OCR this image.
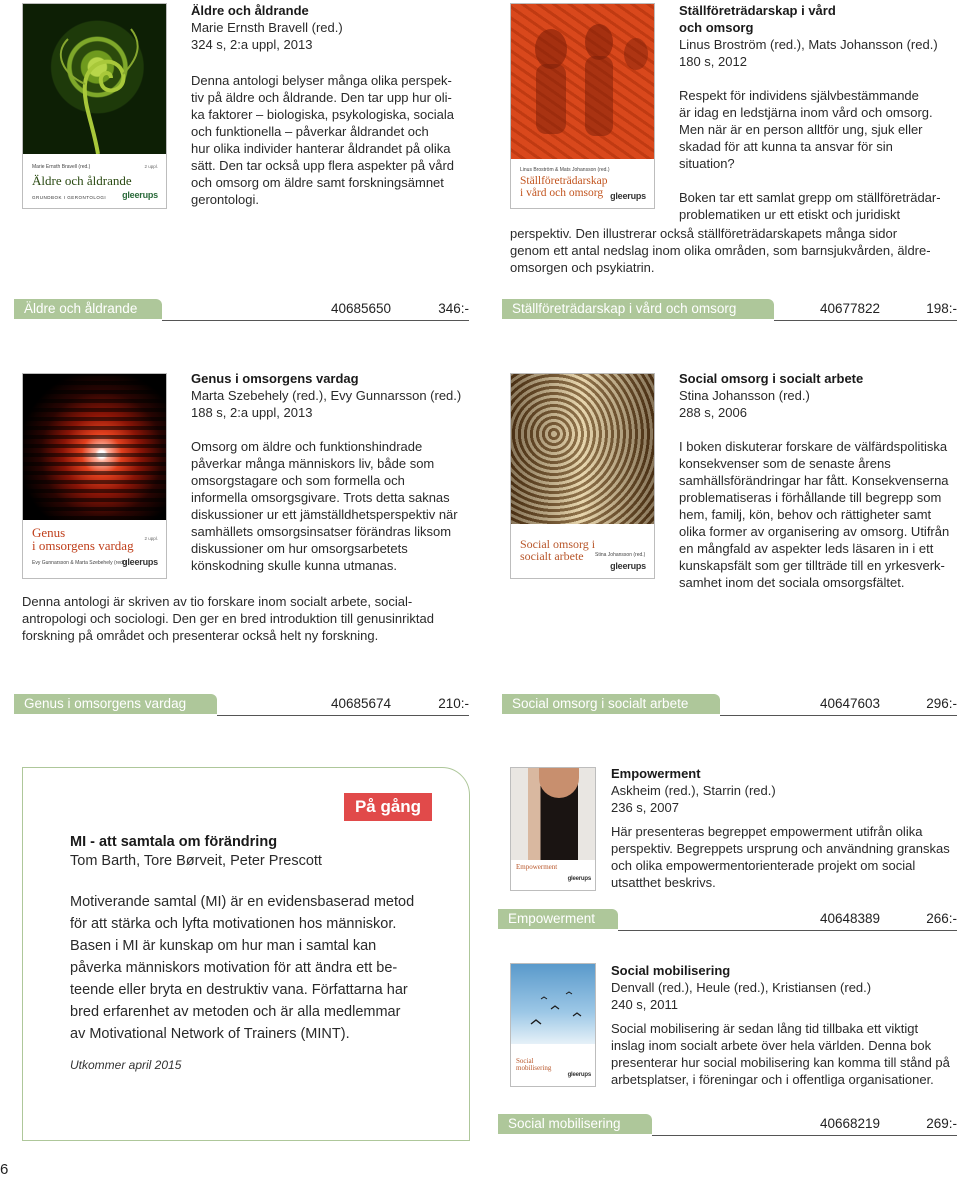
Marie Ernsth Bravell (red.)	2 uppl.
Äldre och åldrande
GRUNDBOK I GERONTOLOGI gleerups
Äldre och åldrande
Marie Ernsth Bravell (red.)
324 s, 2:a uppl, 2013
Denna antologi belyser många olika perspek-
tiv på äldre och åldrande. Den tar upp hur oli-
ka faktorer – biologiska, psykologiska, sociala
och funktionella – påverkar åldrandet och
hur olika individer hanterar åldrandet på olika
sätt. Den tar också upp flera aspekter på vård
och omsorg om äldre samt forskningsämnet
gerontologi.
Äldre och åldrande	40685650	346:-
Linus Broström & Mats Johansson (red.)
Ställföreträdarskap
i vård och omsorg gleerups
Ställföreträdarskap i vård
och omsorg
Linus Broström (red.), Mats Johansson (red.)
180 s, 2012
Respekt för individens självbestämmande
är idag en ledstjärna inom vård och omsorg.
Men när är en person alltför ung, sjuk eller
skadad för att kunna ta ansvar för sin
situation?
Boken tar ett samlat grepp om ställföreträdar-
problematiken ur ett etiskt och juridiskt
perspektiv. Den illustrerar också ställföreträdarskapets många sidor
genom ett antal nedslag inom olika områden, som barnsjukvården, äldre-
omsorgen och psykiatrin.
Ställföreträdarskap i vård och omsorg	40677822	198:-
Genus
i omsorgens vardag 2 uppl.
Evy Gunnarsson & Marta Szebehely (red.)
gleerups
Genus i omsorgens vardag
Marta Szebehely (red.), Evy Gunnarsson (red.)
188 s, 2:a uppl, 2013
Omsorg om äldre och funktionshindrade
påverkar många människors liv, både som
omsorgstagare och som formella och
informella omsorgsgivare. Trots detta saknas
diskussioner ur ett jämställdhetsperspektiv när
samhällets omsorgsinsatser förändras liksom
diskussioner om hur omsorgsarbetets
könskodning skulle kunna utmanas.
Denna antologi är skriven av tio forskare inom socialt arbete, social-
antropologi och sociologi. Den ger en bred introduktion till genusinriktad
forskning på området och presenterar också helt ny forskning.
Genus i omsorgens vardag	40685674	210:-
Social omsorg i
socialt arbete	Stina Johansson (red.)
gleerups
Social omsorg i socialt arbete
Stina Johansson (red.)
288 s, 2006
I boken diskuterar forskare de välfärdspolitiska
konsekvenser som de senaste årens
samhällsförändringar har fått. Konsekvenserna
problematiseras i förhållande till begrepp som
hem, familj, kön, behov och rättigheter samt
olika former av organisering av omsorg. Utifrån
en mångfald av aspekter leds läsaren in i ett
kunskapsfält som ger tillträde till en yrkesverk-
samhet inom det sociala omsorgsfältet.
Social omsorg i socialt arbete	40647603	296:-
På gång
MI - att samtala om förändring
Tom Barth, Tore Børveit, Peter Prescott
Motiverande samtal (MI) är en evidensbaserad metod
för att stärka och lyfta motivationen hos människor.
Basen i MI är kunskap om hur man i samtal kan
påverka människors motivation för att ändra ett be-
teende eller bryta en destruktiv vana. Författarna har
bred erfarenhet av metoden och är alla medlemmar
av Motivational Network of Trainers (MINT).
Utkommer april 2015
Empowerment
gleerups
Empowerment
Askheim (red.), Starrin (red.)
236 s, 2007
Här presenteras begreppet empowerment utifrån olika
perspektiv. Begreppets ursprung och användning granskas
och olika empowermentorienterade projekt om social
utsatthet beskrivs.
Empowerment	40648389	266:-
Social
mobilisering
gleerups
Social mobilisering
Denvall (red.), Heule (red.), Kristiansen (red.)
240 s, 2011
Social mobilisering är sedan lång tid tillbaka ett viktigt
inslag inom socialt arbete över hela världen. Denna bok
presenterar hur social mobilisering kan komma till stånd på
arbetsplatser, i föreningar och i offentliga organisationer.
Social mobilisering	40668219	269:-
6
